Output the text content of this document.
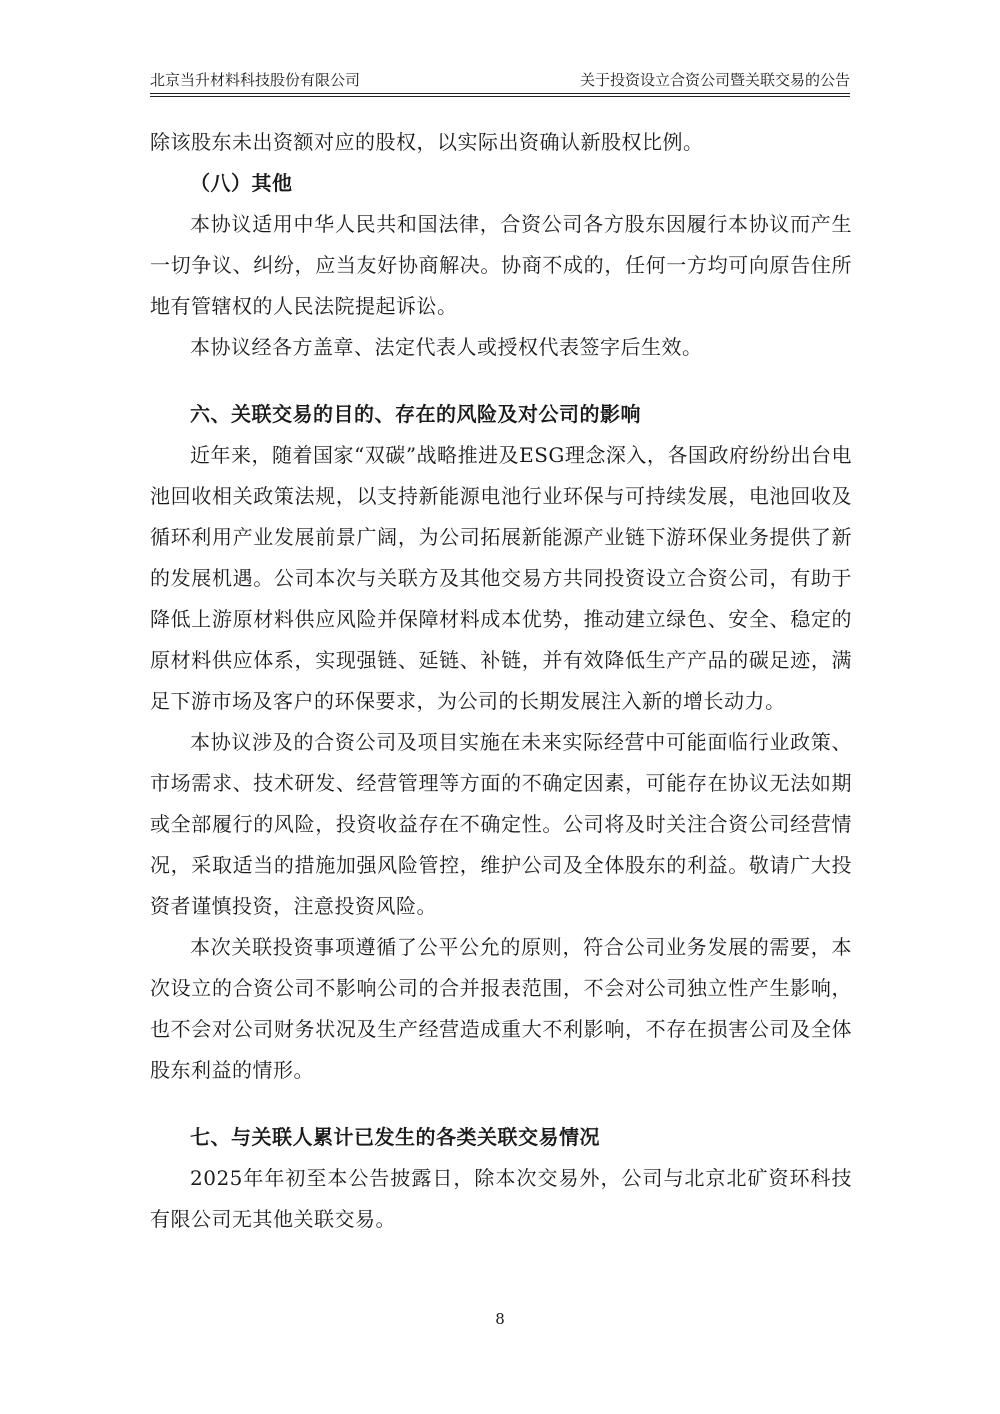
北京当升材料科技股份有限公司	关于投资设立合资公司暨关联交易的公告

除该股东未出资额对应的股权，以实际出资确认新股权比例。

（八）其他

本协议适用中华人民共和国法律，合资公司各方股东因履行本协议而产生一切争议、纠纷，应当友好协商解决。协商不成的，任何一方均可向原告住所地有管辖权的人民法院提起诉讼。

本协议经各方盖章、法定代表人或授权代表签字后生效。

六、关联交易的目的、存在的风险及对公司的影响

近年来，随着国家“双碳”战略推进及ESG理念深入，各国政府纷纷出台电池回收相关政策法规，以支持新能源电池行业环保与可持续发展，电池回收及循环利用产业发展前景广阔，为公司拓展新能源产业链下游环保业务提供了新的发展机遇。公司本次与关联方及其他交易方共同投资设立合资公司，有助于降低上游原材料供应风险并保障材料成本优势，推动建立绿色、安全、稳定的原材料供应体系，实现强链、延链、补链，并有效降低生产产品的碳足迹，满足下游市场及客户的环保要求，为公司的长期发展注入新的增长动力。

本协议涉及的合资公司及项目实施在未来实际经营中可能面临行业政策、市场需求、技术研发、经营管理等方面的不确定因素，可能存在协议无法如期或全部履行的风险，投资收益存在不确定性。公司将及时关注合资公司经营情况，采取适当的措施加强风险管控，维护公司及全体股东的利益。敬请广大投资者谨慎投资，注意投资风险。

本次关联投资事项遵循了公平公允的原则，符合公司业务发展的需要，本次设立的合资公司不影响公司的合并报表范围，不会对公司独立性产生影响，也不会对公司财务状况及生产经营造成重大不利影响，不存在损害公司及全体股东利益的情形。

七、与关联人累计已发生的各类关联交易情况

2025年年初至本公告披露日，除本次交易外，公司与北京北矿资环科技有限公司无其他关联交易。

8
